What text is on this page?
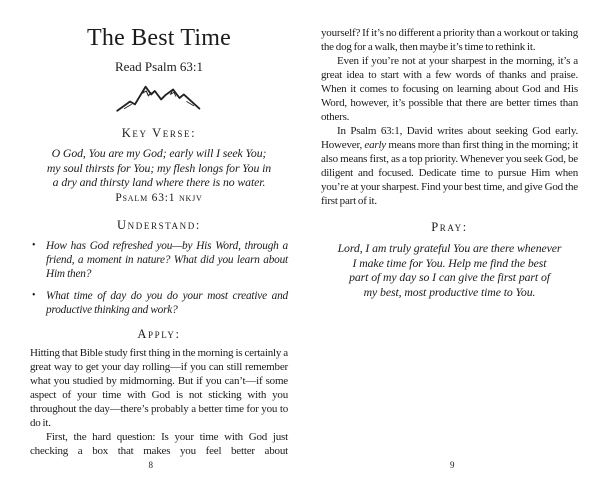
The Best Time
Read Psalm 63:1
Key Verse:
O God, You are my God; early will I seek You;
my soul thirsts for You; my flesh longs for You in
a dry and thirsty land where there is no water.
Psalm 63:1 nkjv
Understand:
• How has God refreshed you—by His Word, through a friend, a moment in nature? What did you learn about Him then?
• What time of day do you do your most creative and productive thinking and work?
Apply:

Hitting that Bible study first thing in the morning is certainly a great way to get your day rolling—if you can still remember what you studied by midmorning. But if you can’t—if some aspect of your time with God is not sticking with you throughout the day—there’s probably a better time for you to do it.

First, the hard question: Is your time with God just checking a box that makes you feel better about

8

yourself? If it’s no different a priority than a workout or taking the dog for a walk, then maybe it’s time to rethink it.

Even if you’re not at your sharpest in the morning, it’s a great idea to start with a few words of thanks and praise. When it comes to focusing on learning about God and His Word, however, it’s possible that there are better times than others.

In Psalm 63:1, David writes about seeking God early. However, early means more than first thing in the morning; it also means first, as a top priority. Whenever you seek God, be diligent and focused. Dedicate time to pursue Him when you’re at your sharpest. Find your best time, and give God the first part of it.

Pray:
Lord, I am truly grateful You are there whenever
I make time for You. Help me find the best
part of my day so I can give the first part of
my best, most productive time to You.
9
